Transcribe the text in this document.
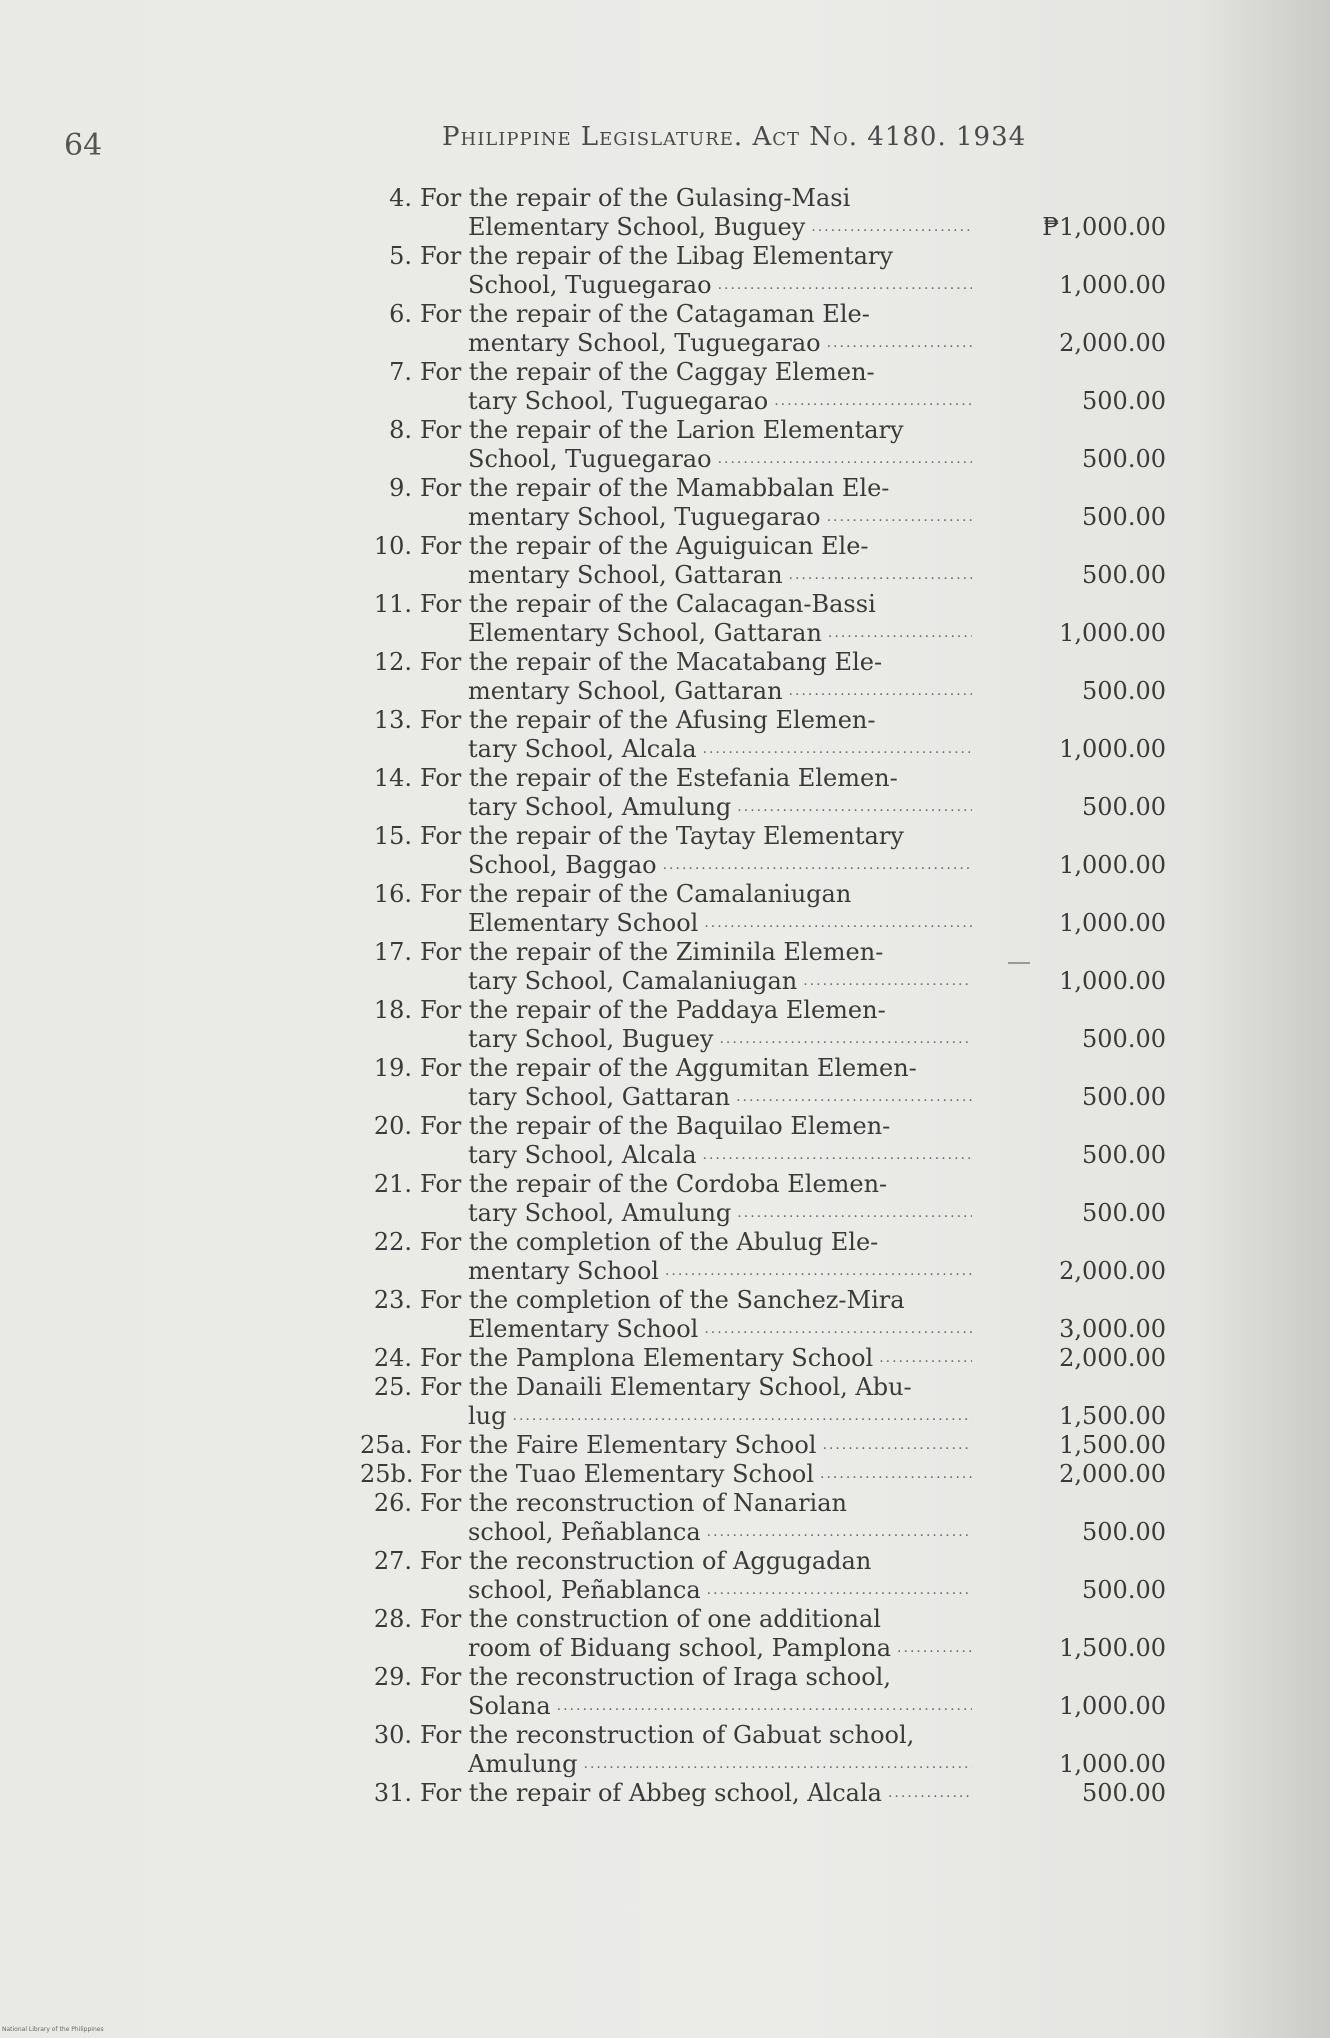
64	Philippine Legislature. Act No. 4180. 1934
4. For the repair of the Gulasing-Masi
Elementary School, Buguey .....	₱1,000.00
5. For the repair of the Libag Elementary
School, Tuguegarao .....	1,000.00
6. For the repair of the Catagaman Ele-
mentary School, Tuguegarao .....	2,000.00
7. For the repair of the Caggay Elemen-
tary School, Tuguegarao .....	500.00
8. For the repair of the Larion Elementary
School, Tuguegarao .....	500.00
9. For the repair of the Mamabbalan Ele-
mentary School, Tuguegarao .....	500.00
10. For the repair of the Aguiguican Ele-
mentary School, Gattaran .....	500.00
11. For the repair of the Calacagan-Bassi
Elementary School, Gattaran .....	1,000.00
12. For the repair of the Macatabang Ele-
mentary School, Gattaran .....	500.00
13. For the repair of the Afusing Elemen-
tary School, Alcala .....	1,000.00
14. For the repair of the Estefania Elemen-
tary School, Amulung .....	500.00
15. For the repair of the Taytay Elementary
School, Baggao .....	1,000.00
16. For the repair of the Camalaniugan
Elementary School .....	1,000.00
17. For the repair of the Ziminila Elemen-
tary School, Camalaniugan .....	1,000.00
18. For the repair of the Paddaya Elemen-
tary School, Buguey .....	500.00
19. For the repair of the Aggumitan Elemen-
tary School, Gattaran .....	500.00
20. For the repair of the Baquilao Elemen-
tary School, Alcala .....	500.00
21. For the repair of the Cordoba Elemen-
tary School, Amulung .....	500.00
22. For the completion of the Abulug Ele-
mentary School .....	2,000.00
23. For the completion of the Sanchez-Mira
Elementary School .....	3,000.00
24. For the Pamplona Elementary School .....	2,000.00
25. For the Danaili Elementary School, Abu-
lug .....	1,500.00
25a. For the Faire Elementary School .....	1,500.00
25b. For the Tuao Elementary School .....	2,000.00
26. For the reconstruction of Nanarian
school, Peñablanca .....	500.00
27. For the reconstruction of Aggugadan
school, Peñablanca .....	500.00
28. For the construction of one additional
room of Biduang school, Pamplona .....	1,500.00
29. For the reconstruction of Iraga school,
Solana .....	1,000.00
30. For the reconstruction of Gabuat school,
Amulung .....	1,000.00
31. For the repair of Abbeg school, Alcala .....	500.00
National Library of the Philippines
